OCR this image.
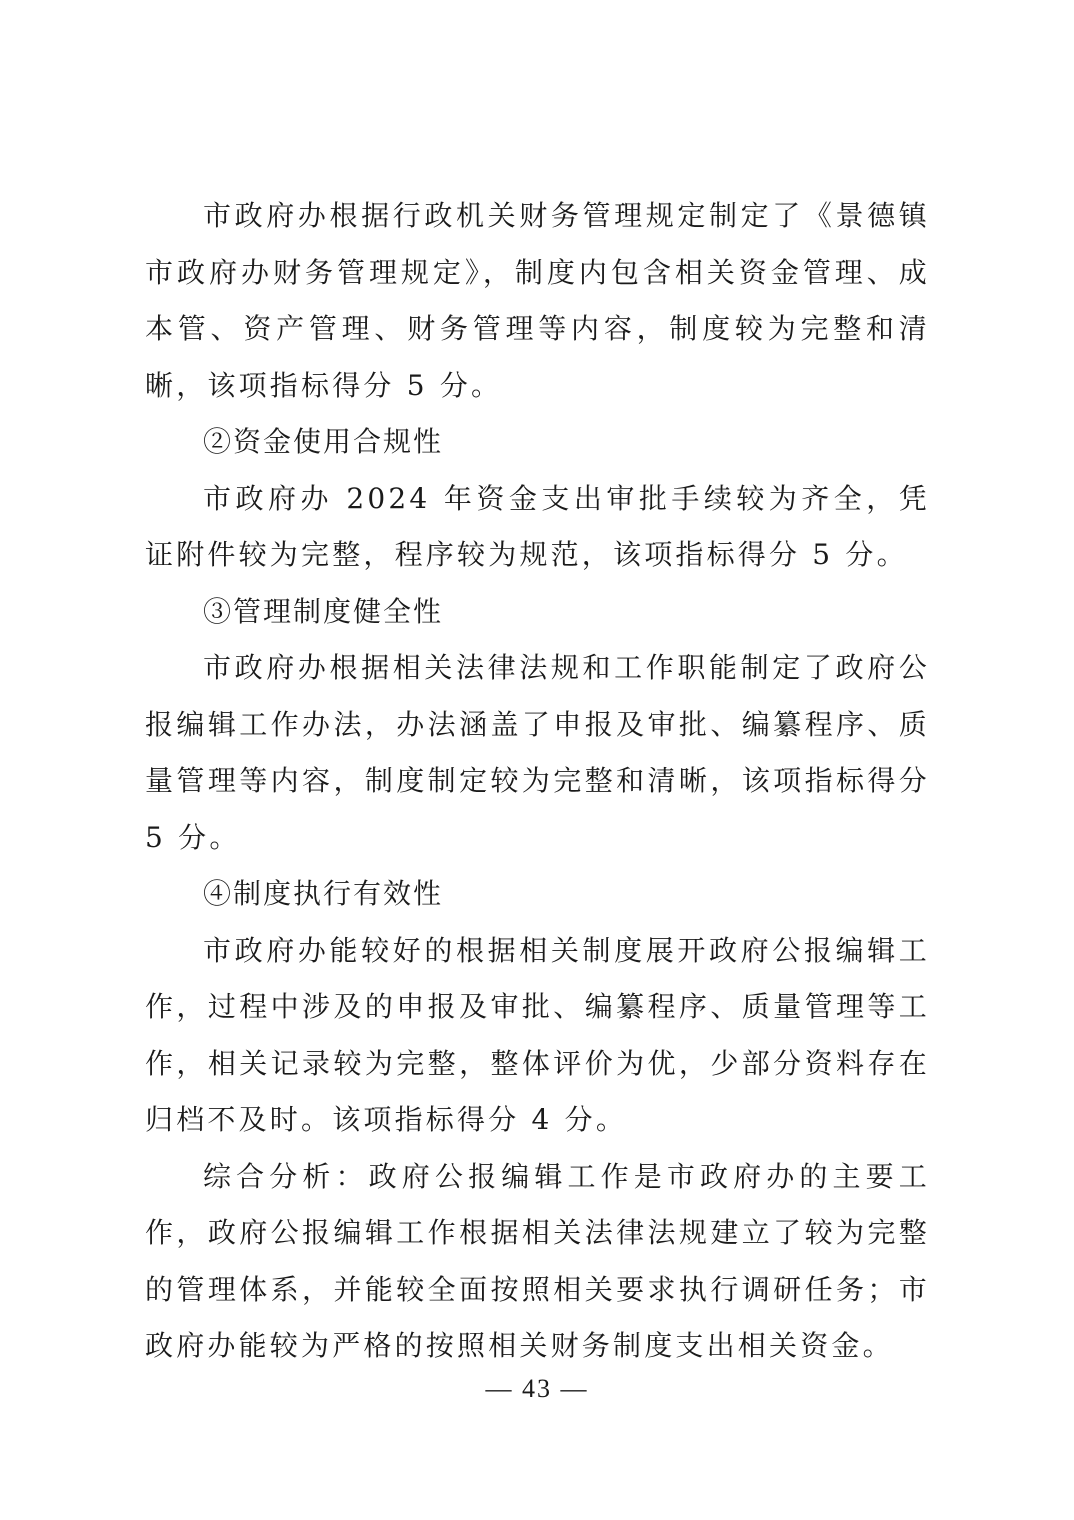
市政府办根据行政机关财务管理规定制定了《景德镇市政府办财务管理规定》，制度内包含相关资金管理、成本管、资产管理、财务管理等内容，制度较为完整和清晰，该项指标得分 5 分。

②资金使用合规性

市政府办 2024 年资金支出审批手续较为齐全，凭证附件较为完整，程序较为规范，该项指标得分 5 分。

③管理制度健全性

市政府办根据相关法律法规和工作职能制定了政府公报编辑工作办法，办法涵盖了申报及审批、编纂程序、质量管理等内容，制度制定较为完整和清晰，该项指标得分 5 分。

④制度执行有效性

市政府办能较好的根据相关制度展开政府公报编辑工作，过程中涉及的申报及审批、编纂程序、质量管理等工作，相关记录较为完整，整体评价为优，少部分资料存在归档不及时。该项指标得分 4 分。

综合分析：政府公报编辑工作是市政府办的主要工作，政府公报编辑工作根据相关法律法规建立了较为完整的管理体系，并能较全面按照相关要求执行调研任务；市政府办能较为严格的按照相关财务制度支出相关资金。

— 43 —
